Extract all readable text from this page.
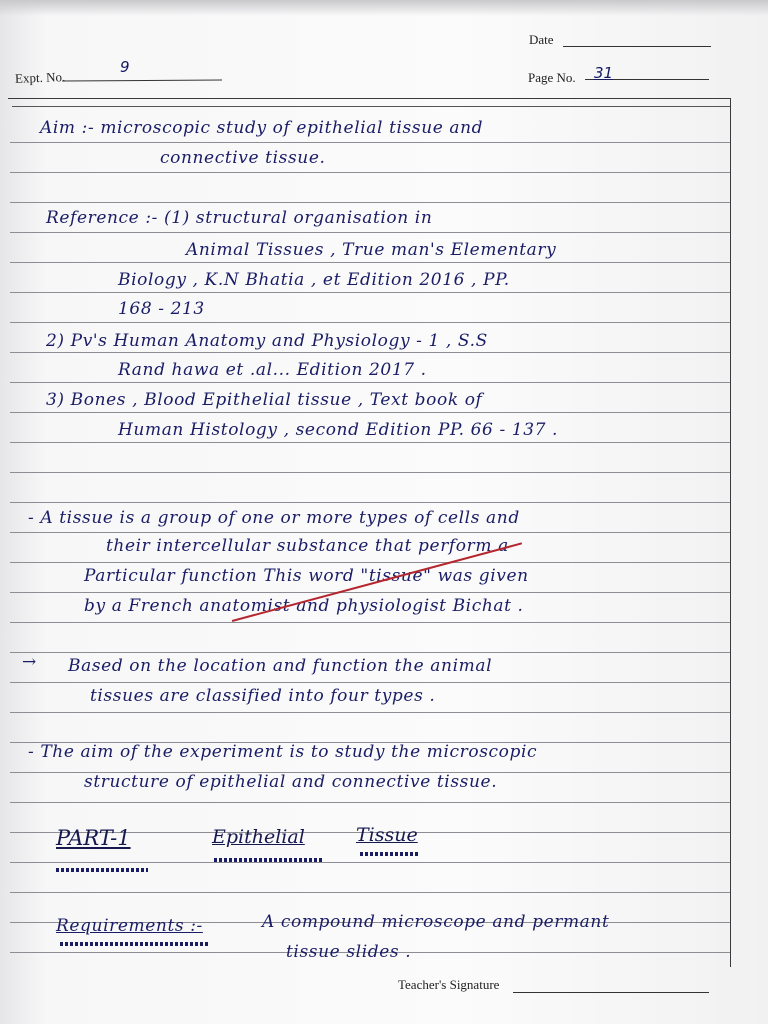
Date
Expt. No.
9
Page No. 31
Aim :- microscopic study of epithelial tissue and
connective tissue.
Reference :- (1) structural organisation in
Animal Tissues , True man's Elementary
Biology , K.N Bhatia , et Edition 2016 , PP.
168 - 213
2) Pv's Human Anatomy and Physiology - 1 , S.S
Rand hawa et .al... Edition 2017 .
3) Bones , Blood Epithelial tissue , Text book of
Human Histology , second Edition PP. 66 - 137 .
- A tissue is a group of one or more types of cells and
their intercellular substance that perform a
Particular function This word "tissue" was given
by a French anatomist and physiologist Bichat .
→ Based on the location and function the animal
tissues are classified into four types .
- The aim of the experiment is to study the microscopic
structure of epithelial and connective tissue.
PART-1	Epithelial	Tissue
Requirements :-	A compound microscope and permant
tissue slides .
Teacher's Signature
